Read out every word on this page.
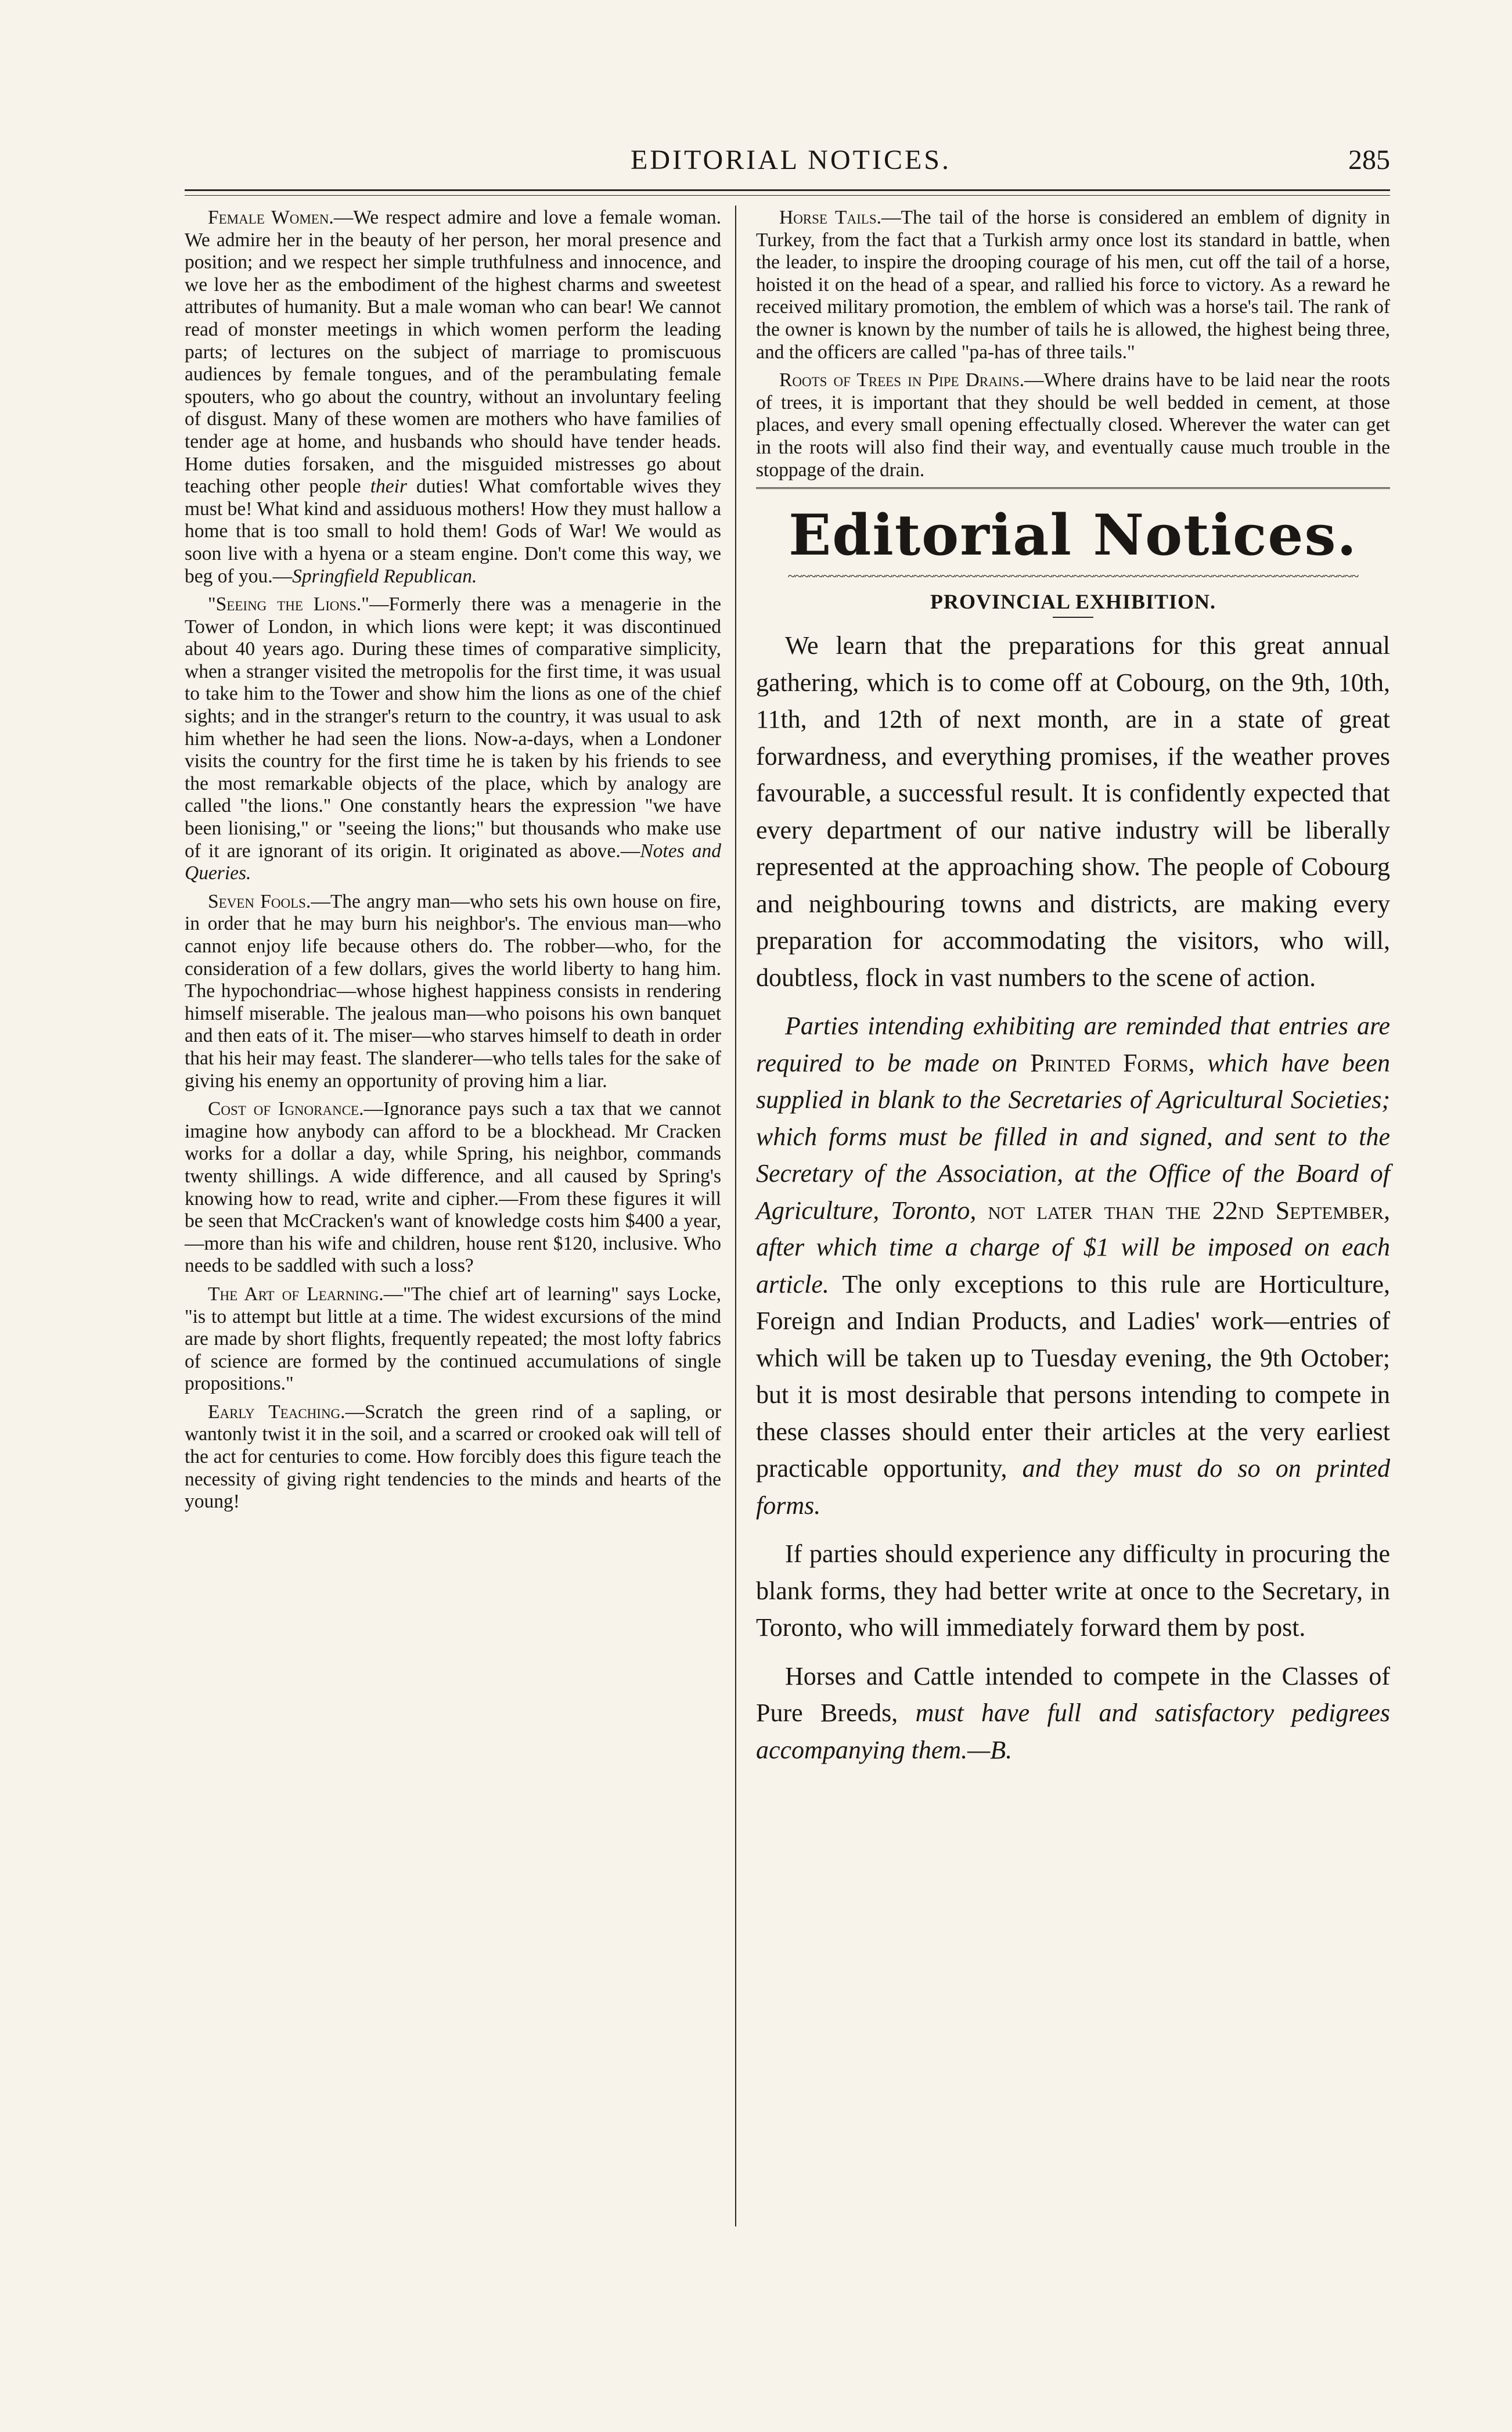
EDITORIAL NOTICES.	285

Female Women.—We respect admire and love a female woman. We admire her in the beauty of her person, her moral presence and position; and we respect her simple truthfulness and innocence, and we love her as the embodiment of the highest charms and sweetest attributes of humanity. But a male woman who can bear! We cannot read of monster meetings in which women perform the leading parts; of lectures on the subject of marriage to promiscuous audiences by female tongues, and of the perambulating female spouters, who go about the country, without an involuntary feeling of disgust. Many of these women are mothers who have families of tender age at home, and husbands who should have tender heads. Home duties forsaken, and the misguided mistresses go about teaching other people their duties! What comfortable wives they must be! What kind and assiduous mothers! How they must hallow a home that is too small to hold them! Gods of War! We would as soon live with a hyena or a steam engine. Don't come this way, we beg of you.—Springfield Republican.

"Seeing the Lions."—Formerly there was a menagerie in the Tower of London, in which lions were kept; it was discontinued about 40 years ago. During these times of comparative simplicity, when a stranger visited the metropolis for the first time, it was usual to take him to the Tower and show him the lions as one of the chief sights; and in the stranger's return to the country, it was usual to ask him whether he had seen the lions. Now-a-days, when a Londoner visits the country for the first time he is taken by his friends to see the most remarkable objects of the place, which by analogy are called "the lions." One constantly hears the expression "we have been lionising," or "seeing the lions;" but thousands who make use of it are ignorant of its origin. It originated as above.—Notes and Queries.

Seven Fools.—The angry man—who sets his own house on fire, in order that he may burn his neighbor's. The envious man—who cannot enjoy life because others do. The robber—who, for the consideration of a few dollars, gives the world liberty to hang him. The hypochondriac—whose highest happiness consists in rendering himself miserable. The jealous man—who poisons his own banquet and then eats of it. The miser—who starves himself to death in order that his heir may feast. The slanderer—who tells tales for the sake of giving his enemy an opportunity of proving him a liar.

Cost of Ignorance.—Ignorance pays such a tax that we cannot imagine how anybody can afford to be a blockhead. Mr Cracken works for a dollar a day, while Spring, his neighbor, commands twenty shillings. A wide difference, and all caused by Spring's knowing how to read, write and cipher.—From these figures it will be seen that McCracken's want of knowledge costs him $400 a year,—more than his wife and children, house rent $120, inclusive. Who needs to be saddled with such a loss?

The Art of Learning.—"The chief art of learning" says Locke, "is to attempt but little at a time. The widest excursions of the mind are made by short flights, frequently repeated; the most lofty fabrics of science are formed by the continued accumulations of single propositions."

Early Teaching.—Scratch the green rind of a sapling, or wantonly twist it in the soil, and a scarred or crooked oak will tell of the act for centuries to come. How forcibly does this figure teach the necessity of giving right tendencies to the minds and hearts of the young!

Horse Tails.—The tail of the horse is considered an emblem of dignity in Turkey, from the fact that a Turkish army once lost its standard in battle, when the leader, to inspire the drooping courage of his men, cut off the tail of a horse, hoisted it on the head of a spear, and rallied his force to victory. As a reward he received military promotion, the emblem of which was a horse's tail. The rank of the owner is known by the number of tails he is allowed, the highest being three, and the officers are called "pa-has of three tails."

Roots of Trees in Pipe Drains.—Where drains have to be laid near the roots of trees, it is important that they should be well bedded in cement, at those places, and every small opening effectually closed. Wherever the water can get in the roots will also find their way, and eventually cause much trouble in the stoppage of the drain.

Editorial Notices.
~~~~~~~~~~~~~~~~~~~~~~~~~~~~~~~~~~~~~~~~~~~~~~~~~~~~~~~~~~~~~~~~~~~~~~~~~~~~~~~~~~
PROVINCIAL EXHIBITION.

We learn that the preparations for this great annual gathering, which is to come off at Cobourg, on the 9th, 10th, 11th, and 12th of next month, are in a state of great forwardness, and everything promises, if the weather proves favourable, a successful result. It is confidently expected that every department of our native industry will be liberally represented at the approaching show. The people of Cobourg and neighbouring towns and districts, are making every preparation for accommodating the visitors, who will, doubtless, flock in vast numbers to the scene of action.

Parties intending exhibiting are reminded that entries are required to be made on Printed Forms, which have been supplied in blank to the Secretaries of Agricultural Societies; which forms must be filled in and signed, and sent to the Secretary of the Association, at the Office of the Board of Agriculture, Toronto, not later than the 22nd September, after which time a charge of $1 will be imposed on each article. The only exceptions to this rule are Horticulture, Foreign and Indian Products, and Ladies' work—entries of which will be taken up to Tuesday evening, the 9th October; but it is most desirable that persons intending to compete in these classes should enter their articles at the very earliest practicable opportunity, and they must do so on printed forms.

If parties should experience any difficulty in procuring the blank forms, they had better write at once to the Secretary, in Toronto, who will immediately forward them by post.

Horses and Cattle intended to compete in the Classes of Pure Breeds, must have full and satisfactory pedigrees accompanying them.—B.
